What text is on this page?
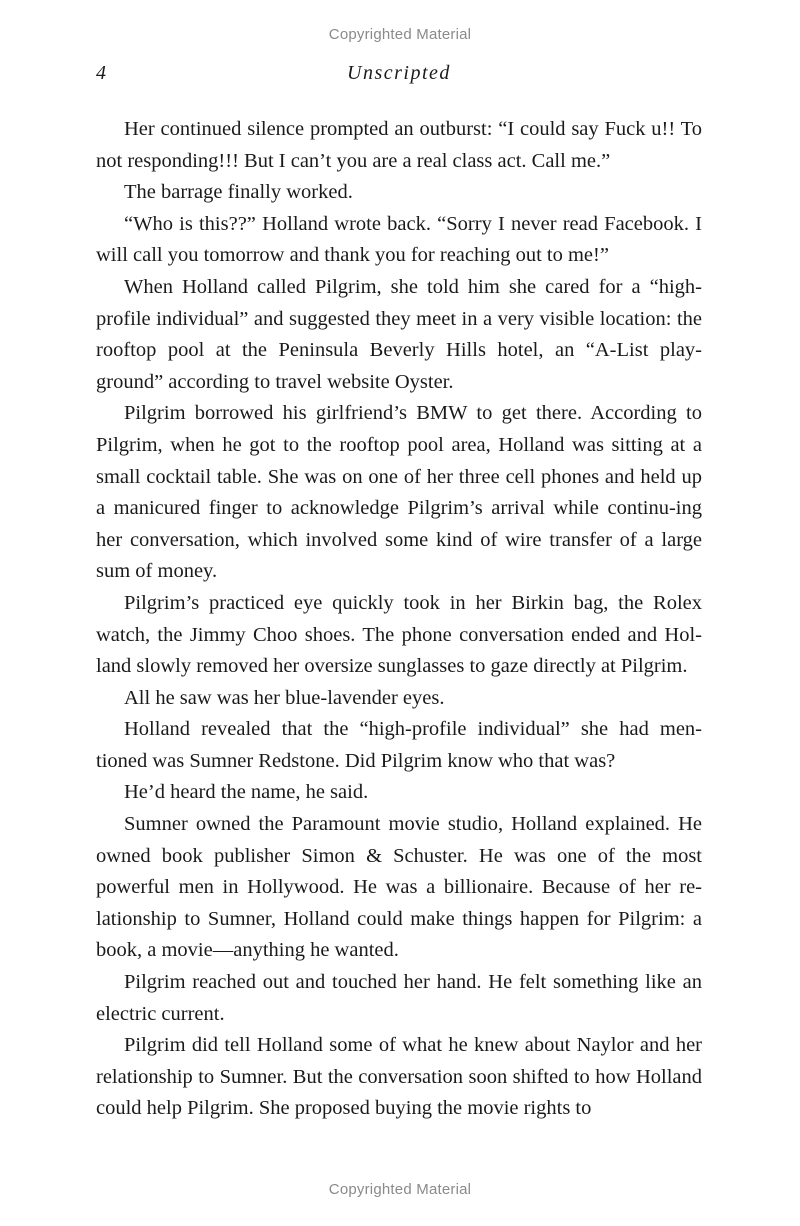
Copyrighted Material
Unscripted
4

Her continued silence prompted an outburst: “I could say Fuck u!! To not responding!!! But I can’t you are a real class act. Call me.”

The barrage finally worked.

“Who is this??” Holland wrote back. “Sorry I never read Facebook. I will call you tomorrow and thank you for reaching out to me!”

When Holland called Pilgrim, she told him she cared for a “high-profile individual” and suggested they meet in a very visible location: the rooftop pool at the Peninsula Beverly Hills hotel, an “A-List play-ground” according to travel website Oyster.

Pilgrim borrowed his girlfriend’s BMW to get there. According to Pilgrim, when he got to the rooftop pool area, Holland was sitting at a small cocktail table. She was on one of her three cell phones and held up a manicured finger to acknowledge Pilgrim’s arrival while continu-ing her conversation, which involved some kind of wire transfer of a large sum of money.

Pilgrim’s practiced eye quickly took in her Birkin bag, the Rolex watch, the Jimmy Choo shoes. The phone conversation ended and Hol-land slowly removed her oversize sunglasses to gaze directly at Pilgrim.

All he saw was her blue-lavender eyes.

Holland revealed that the “high-profile individual” she had men-tioned was Sumner Redstone. Did Pilgrim know who that was?

He’d heard the name, he said.

Sumner owned the Paramount movie studio, Holland explained. He owned book publisher Simon & Schuster. He was one of the most powerful men in Hollywood. He was a billionaire. Because of her re-lationship to Sumner, Holland could make things happen for Pilgrim: a book, a movie—anything he wanted.

Pilgrim reached out and touched her hand. He felt something like an electric current.

Pilgrim did tell Holland some of what he knew about Naylor and her relationship to Sumner. But the conversation soon shifted to how Holland could help Pilgrim. She proposed buying the movie rights to

Copyrighted Material
